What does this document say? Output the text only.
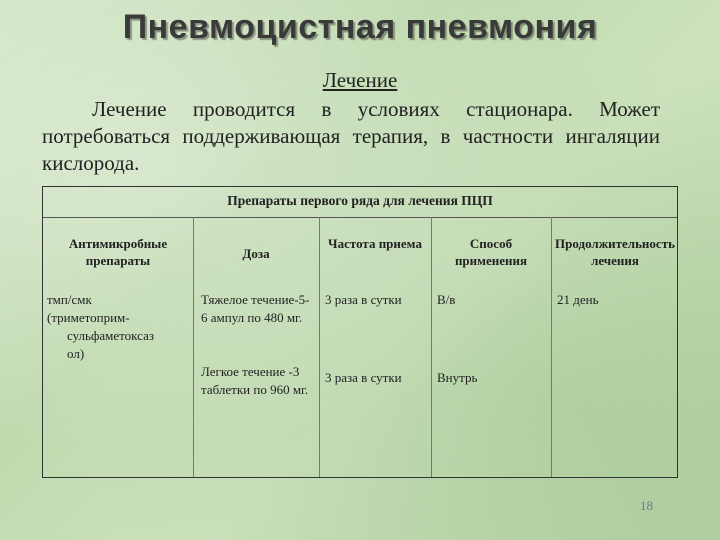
Пневмоцистная пневмония
Лечение
Лечение проводится в условиях стационара. Может потребоваться поддерживающая терапия, в частности ингаляции кислорода.
Препараты первого ряда для лечения ПЦП
Антимикробные препараты	Доза
Частота приема	Способ применения
Продолжительность лечения
тмп/смк
(триметоприм-
сульфаметоксаз
ол)
Тяжелое течение-5-6 ампул по 480 мг.
Легкое течение -3 таблетки по 960 мг.
3 раза в сутки
3 раза в сутки
В/в
Внутрь
21 день
18
